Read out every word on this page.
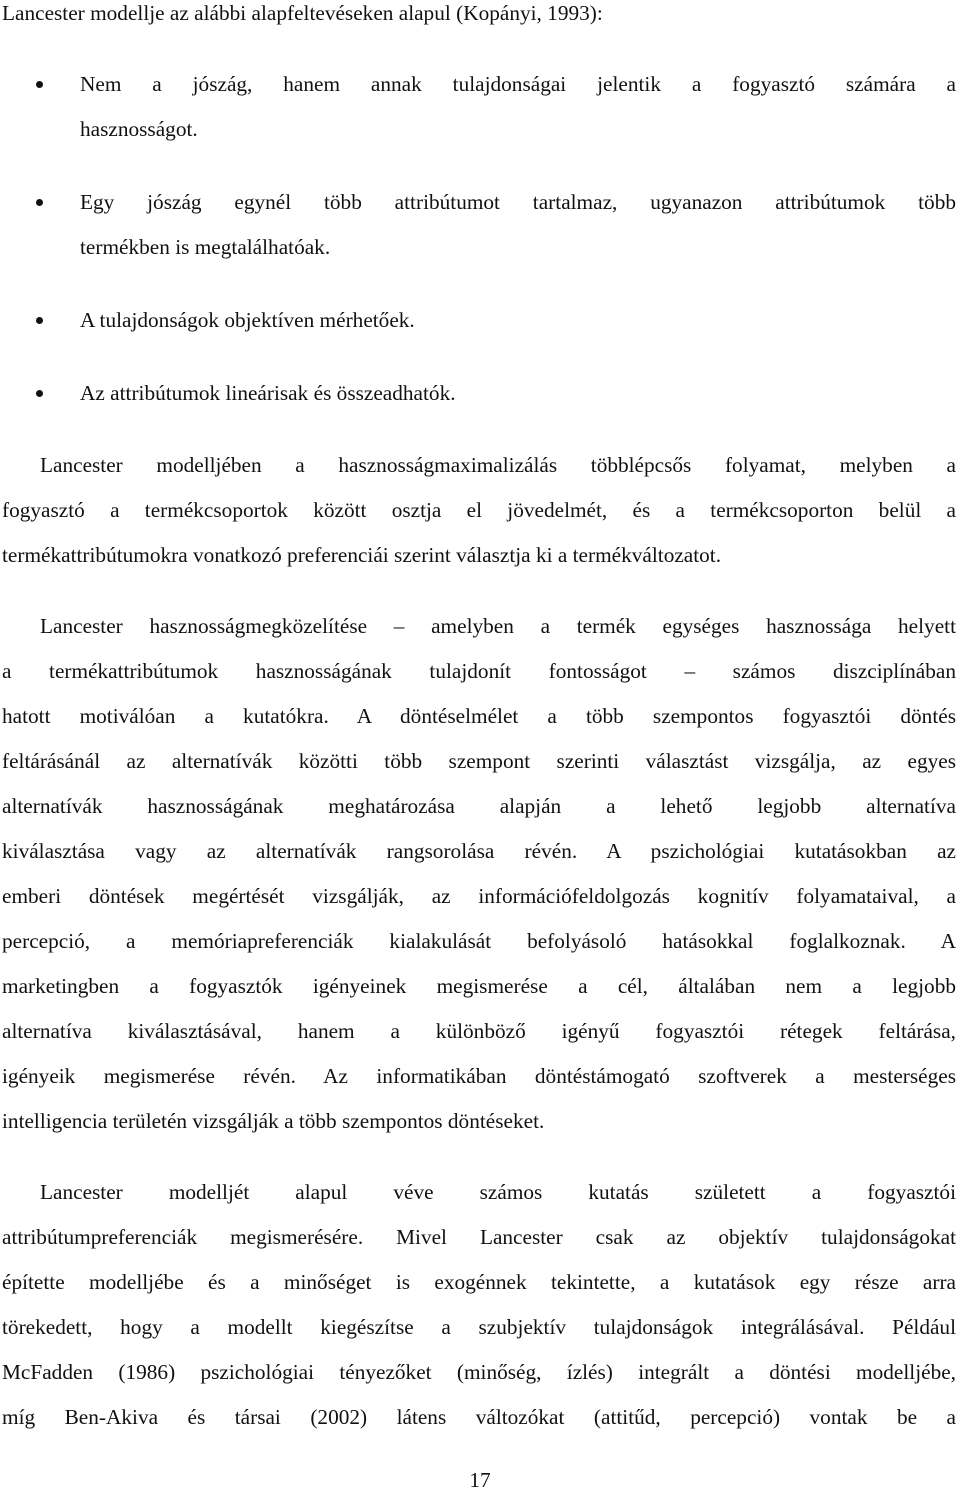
Lancester modellje az alábbi alapfeltevéseken alapul (Kopányi, 1993):
Nem a jószág, hanem annak tulajdonságai jelentik a fogyasztó számára a
hasznosságot.
Egy jószág egynél több attribútumot tartalmaz, ugyanazon attribútumok több
termékben is megtalálhatóak.
A tulajdonságok objektíven mérhetőek.
Az attribútumok lineárisak és összeadhatók.
Lancester modelljében a hasznosságmaximalizálás többlépcsős folyamat, melyben a
fogyasztó a termékcsoportok között osztja el jövedelmét, és a termékcsoporton belül a
termékattribútumokra vonatkozó preferenciái szerint választja ki a termékváltozatot.
Lancester hasznosságmegközelítése – amelyben a termék egységes hasznossága helyett
a termékattribútumok hasznosságának tulajdonít fontosságot – számos diszciplínában
hatott motiválóan a kutatókra. A döntéselmélet a több szempontos fogyasztói döntés
feltárásánál az alternatívák közötti több szempont szerinti választást vizsgálja, az egyes
alternatívák hasznosságának meghatározása alapján a lehető legjobb alternatíva
kiválasztása vagy az alternatívák rangsorolása révén. A pszichológiai kutatásokban az
emberi döntések megértését vizsgálják, az információfeldolgozás kognitív folyamataival, a
percepció, a memóriapreferenciák kialakulását befolyásoló hatásokkal foglalkoznak. A
marketingben a fogyasztók igényeinek megismerése a cél, általában nem a legjobb
alternatíva kiválasztásával, hanem a különböző igényű fogyasztói rétegek feltárása,
igényeik megismerése révén. Az informatikában döntéstámogató szoftverek a mesterséges
intelligencia területén vizsgálják a több szempontos döntéseket.
Lancester modelljét alapul véve számos kutatás született a fogyasztói
attribútumpreferenciák megismerésére. Mivel Lancester csak az objektív tulajdonságokat
építette modelljébe és a minőséget is exogénnek tekintette, a kutatások egy része arra
törekedett, hogy a modellt kiegészítse a szubjektív tulajdonságok integrálásával. Például
McFadden (1986) pszichológiai tényezőket (minőség, ízlés) integrált a döntési modelljébe,
míg Ben-Akiva és társai (2002) látens változókat (attitűd, percepció) vontak be a
17
